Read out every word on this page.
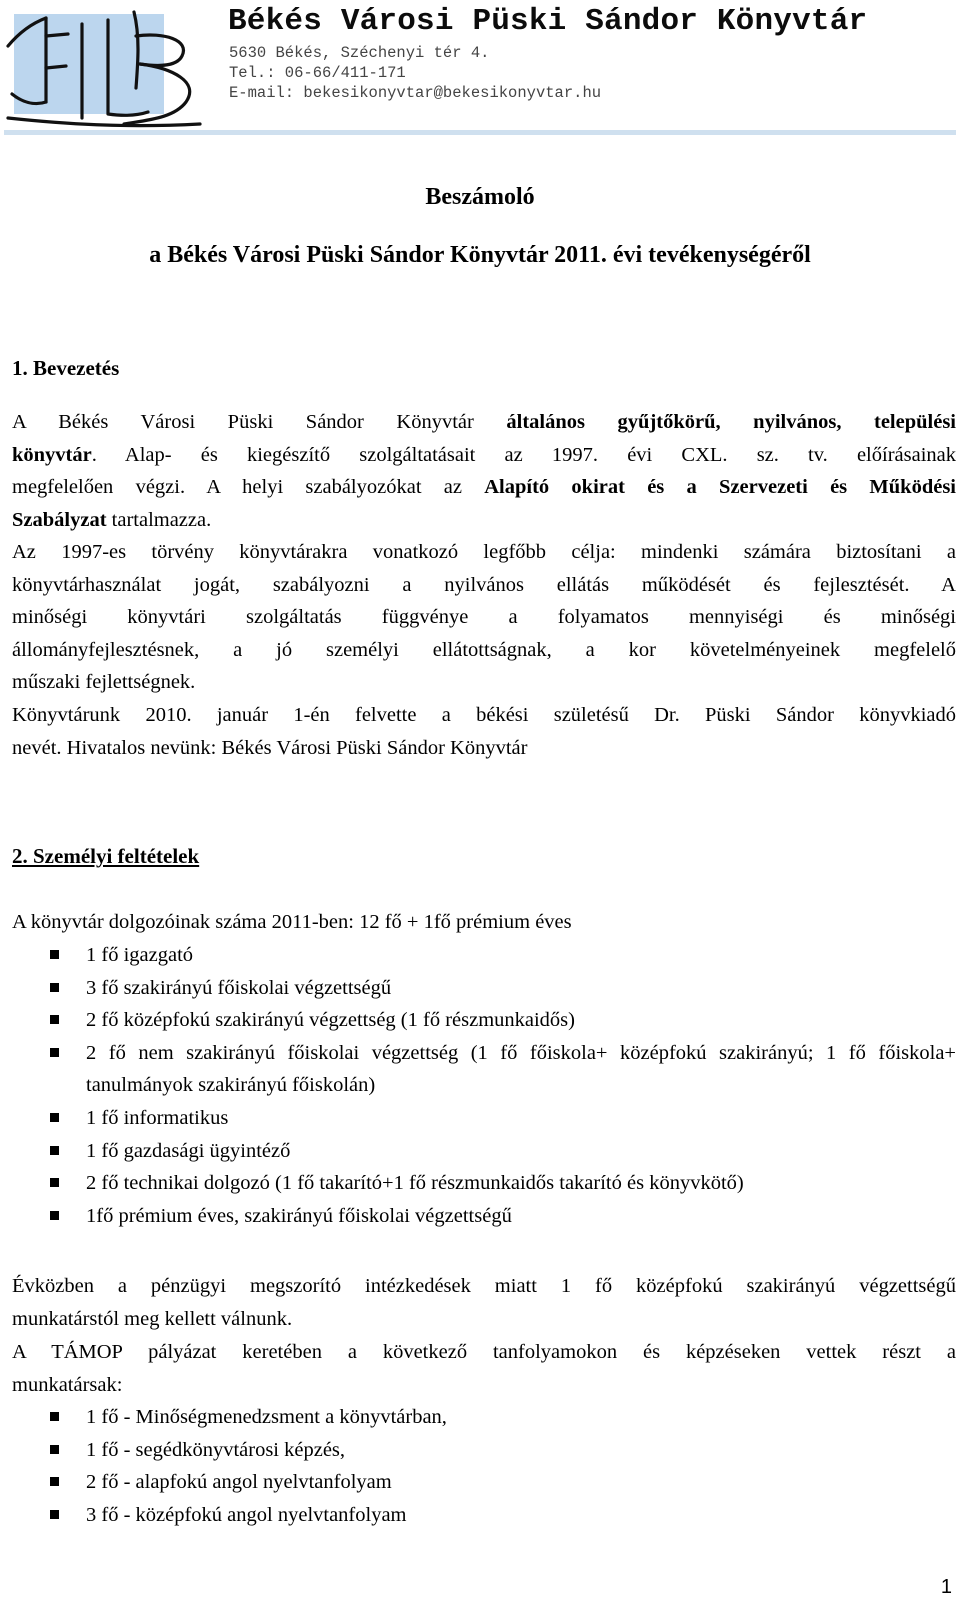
Békés Városi Püski Sándor Könyvtár
5630 Békés, Széchenyi tér 4.
Tel.: 06-66/411-171
E-mail: bekesikonyvtar@bekesikonyvtar.hu
Beszámoló
a Békés Városi Püski Sándor Könyvtár 2011. évi tevékenységéről
1. Bevezetés
A Békés Városi Püski Sándor Könyvtár általános gyűjtőkörű, nyilvános, települési
könyvtár. Alap- és kiegészítő szolgáltatásait az 1997. évi CXL. sz. tv. előírásainak
megfelelően végzi. A helyi szabályozókat az Alapító okirat és a Szervezeti és Működési
Szabályzat tartalmazza.
Az 1997-es törvény könyvtárakra vonatkozó legfőbb célja: mindenki számára biztosítani a
könyvtárhasználat jogát, szabályozni a nyilvános ellátás működését és fejlesztését. A
minőségi könyvtári szolgáltatás függvénye a folyamatos mennyiségi és minőségi
állományfejlesztésnek, a jó személyi ellátottságnak, a kor követelményeinek megfelelő
műszaki fejlettségnek.
Könyvtárunk 2010. január 1-én felvette a békési születésű Dr. Püski Sándor könyvkiadó
nevét. Hivatalos nevünk: Békés Városi Püski Sándor Könyvtár
2. Személyi feltételek
A könyvtár dolgozóinak száma 2011-ben: 12 fő + 1fő prémium éves
1 fő igazgató
3 fő szakirányú főiskolai végzettségű
2 fő középfokú szakirányú végzettség (1 fő részmunkaidős)
2 fő nem szakirányú főiskolai végzettség (1 fő főiskola+ középfokú szakirányú; 1 fő főiskola+ tanulmányok szakirányú főiskolán)
1 fő informatikus
1 fő gazdasági ügyintéző
2 fő technikai dolgozó (1 fő takarító+1 fő részmunkaidős takarító és könyvkötő)
1fő prémium éves, szakirányú főiskolai végzettségű
Évközben a pénzügyi megszorító intézkedések miatt 1 fő középfokú szakirányú végzettségű
munkatárstól meg kellett válnunk.
A TÁMOP pályázat keretében a következő tanfolyamokon és képzéseken vettek részt a
munkatársak:
1 fő - Minőségmenedzsment a könyvtárban,
1 fő - segédkönyvtárosi képzés,
2 fő - alapfokú angol nyelvtanfolyam
3 fő - középfokú angol nyelvtanfolyam
1
